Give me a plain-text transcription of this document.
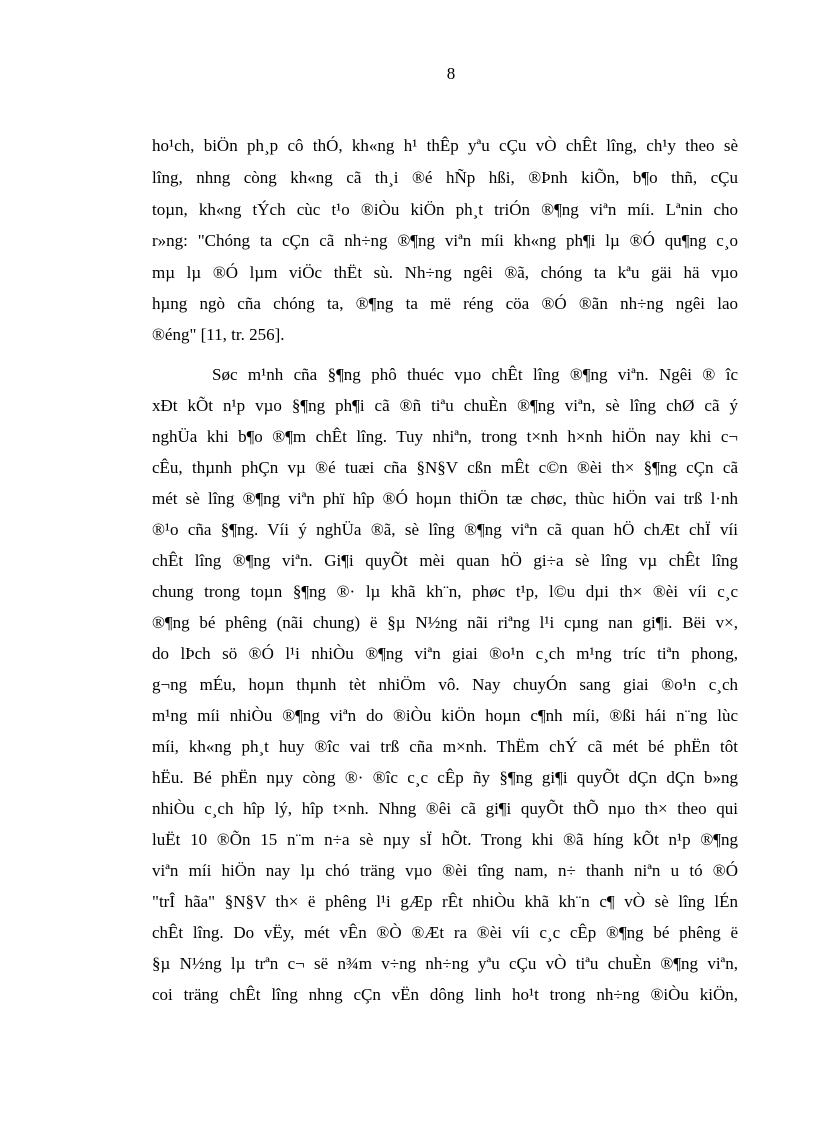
8
ho¹ch, biÖn ph¸p cô thÓ, kh«ng h¹ thÊp yªu cÇu vÒ chÊt lîng, ch¹y theo sè
lîng, nhng còng kh«ng cã th¸i ®é hÑp hßi, ®Þnh kiÕn, b¶o thñ, cÇu
toµn, kh«ng tÝch cùc t¹o ®iÒu kiÖn ph¸t triÓn ®¶ng viªn míi. Lªnin cho
r»ng: "Chóng ta cÇn cã nh÷ng ®¶ng viªn míi kh«ng ph¶i lµ ®Ó qu¶ng c¸o
mµ lµ ®Ó lµm viÖc thËt sù. Nh÷ng ngêi ®ã, chóng ta kªu gäi hä vµo
hµng ngò cña chóng ta, ®¶ng ta më réng cöa ®Ó ®ãn nh÷ng ngêi lao
®éng" [11, tr. 256].
Søc m¹nh cña §¶ng phô thuéc vµo chÊt lîng ®¶ng viªn. Ngêi ® îc
xÐt kÕt n¹p vµo §¶ng ph¶i cã ®ñ tiªu chuÈn ®¶ng viªn, sè lîng chØ cã ý
nghÜa khi b¶o ®¶m chÊt lîng. Tuy nhiªn, trong t×nh h×nh hiÖn nay khi c¬
cÊu, thµnh phÇn vµ ®é tuæi cña §N§V cßn mÊt c©n ®èi th× §¶ng cÇn cã
mét sè lîng ®¶ng viªn phï hîp ®Ó hoµn thiÖn tæ chøc, thùc hiÖn vai trß l·nh
®¹o cña §¶ng. Víi ý nghÜa ®ã, sè lîng ®¶ng viªn cã quan hÖ chÆt chÏ víi
chÊt lîng ®¶ng viªn. Gi¶i quyÕt mèi quan hÖ gi÷a sè lîng vµ chÊt lîng
chung trong toµn §¶ng ®· lµ khã kh¨n, phøc t¹p, l©u dµi th× ®èi víi c¸c
®¶ng bé phêng (nãi chung) ë §µ N½ng nãi riªng l¹i cµng nan gi¶i. Bëi v×,
do lÞch sö ®Ó l¹i nhiÒu ®¶ng viªn giai ®o¹n c¸ch m¹ng tríc tiªn phong,
g¬ng mÉu, hoµn thµnh tèt nhiÖm vô. Nay chuyÓn sang giai ®o¹n c¸ch
m¹ng míi nhiÒu ®¶ng viªn do ®iÒu kiÖn hoµn c¶nh míi, ®ßi hái n¨ng lùc
míi, kh«ng ph¸t huy ®îc vai trß cña m×nh. ThËm chÝ cã mét bé phËn tôt
hËu. Bé phËn nµy còng ®· ®îc c¸c cÊp ñy §¶ng gi¶i quyÕt dÇn dÇn b»ng
nhiÒu c¸ch hîp lý, hîp t×nh. Nhng ®êi cã gi¶i quyÕt thÕ nµo th× theo qui
luËt 10 ®Õn 15 n¨m n÷a sè nµy sÏ hÕt. Trong khi ®ã híng kÕt n¹p ®¶ng
viªn míi hiÖn nay lµ chó träng vµo ®èi tîng nam, n÷ thanh niªn u tó ®Ó
"trÎ hãa" §N§V th× ë phêng l¹i gÆp rÊt nhiÒu khã kh¨n c¶ vÒ sè lîng lÉn
chÊt lîng. Do vËy, mét vÊn ®Ò ®Æt ra ®èi víi c¸c cÊp ®¶ng bé phêng ë
§µ N½ng lµ trªn c¬ së n¾m v÷ng nh÷ng yªu cÇu vÒ tiªu chuÈn ®¶ng viªn,
coi träng chÊt lîng nhng cÇn vËn dông linh ho¹t trong nh÷ng ®iÒu kiÖn,
